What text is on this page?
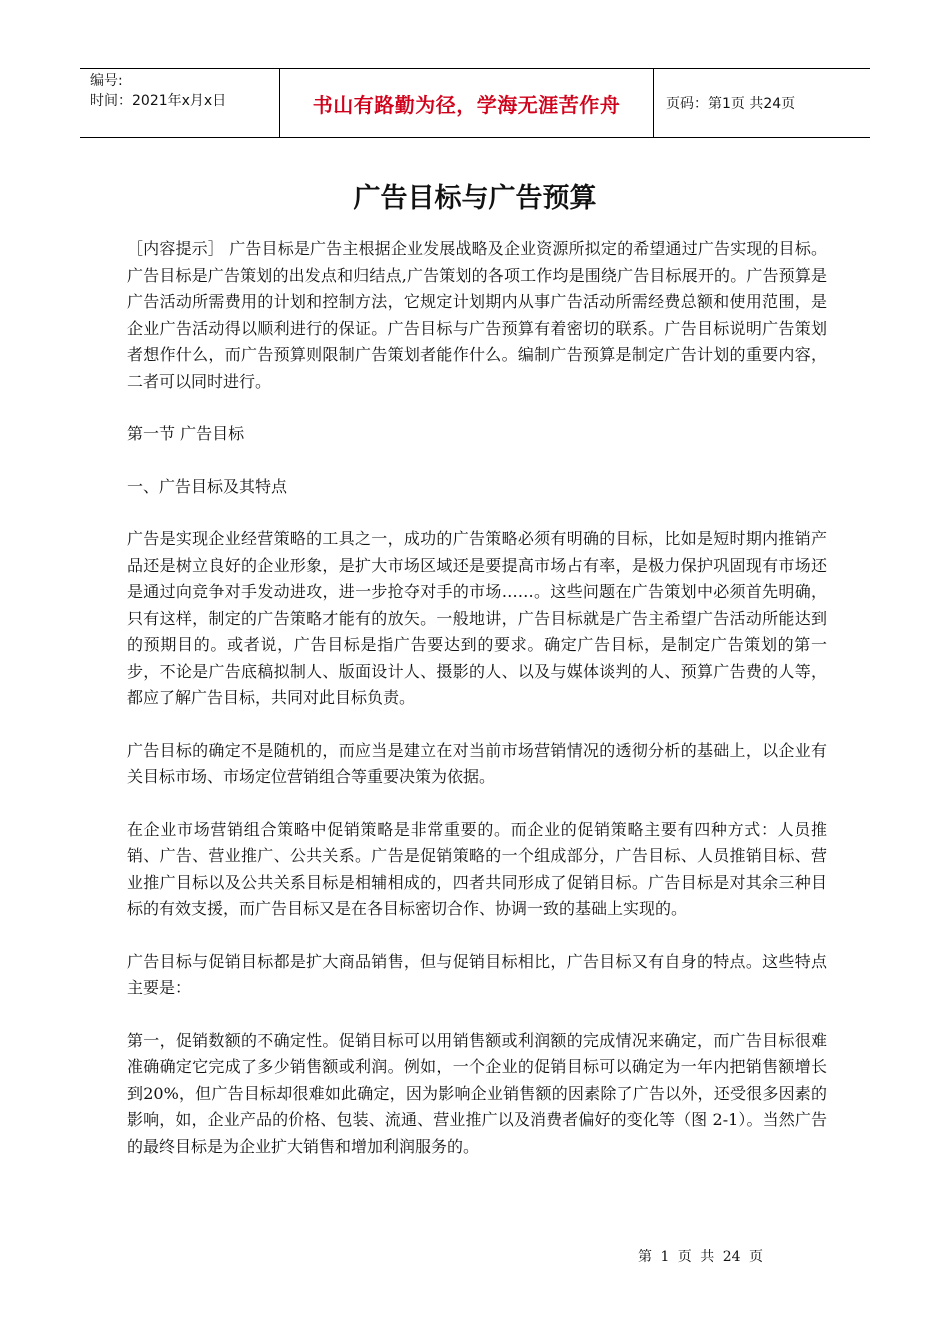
编号:
时间：2021年x月x日	书山有路勤为径，学海无涯苦作舟	页码：第1页 共24页
广告目标与广告预算

［内容提示］ 广告目标是广告主根据企业发展战略及企业资源所拟定的希望通过广告实现的目标。广告目标是广告策划的出发点和归结点,广告策划的各项工作均是围绕广告目标展开的。广告预算是广告活动所需费用的计划和控制方法，它规定计划期内从事广告活动所需经费总额和使用范围，是企业广告活动得以顺利进行的保证。广告目标与广告预算有着密切的联系。广告目标说明广告策划者想作什么，而广告预算则限制广告策划者能作什么。编制广告预算是制定广告计划的重要内容，二者可以同时进行。

第一节 广告目标

一、广告目标及其特点

广告是实现企业经营策略的工具之一，成功的广告策略必须有明确的目标，比如是短时期内推销产品还是树立良好的企业形象，是扩大市场区域还是要提高市场占有率，是极力保护巩固现有市场还是通过向竞争对手发动进攻，进一步抢夺对手的市场……。这些问题在广告策划中必须首先明确，只有这样，制定的广告策略才能有的放矢。一般地讲，广告目标就是广告主希望广告活动所能达到的预期目的。或者说，广告目标是指广告要达到的要求。确定广告目标，是制定广告策划的第一步，不论是广告底稿拟制人、版面设计人、摄影的人、以及与媒体谈判的人、预算广告费的人等，都应了解广告目标，共同对此目标负责。

广告目标的确定不是随机的，而应当是建立在对当前市场营销情况的透彻分析的基础上，以企业有关目标市场、市场定位营销组合等重要决策为依据。

在企业市场营销组合策略中促销策略是非常重要的。而企业的促销策略主要有四种方式：人员推销、广告、营业推广、公共关系。广告是促销策略的一个组成部分，广告目标、人员推销目标、营业推广目标以及公共关系目标是相辅相成的，四者共同形成了促销目标。广告目标是对其余三种目标的有效支援，而广告目标又是在各目标密切合作、协调一致的基础上实现的。

广告目标与促销目标都是扩大商品销售，但与促销目标相比，广告目标又有自身的特点。这些特点主要是：

第一，促销数额的不确定性。促销目标可以用销售额或利润额的完成情况来确定，而广告目标很难准确确定它完成了多少销售额或利润。例如，一个企业的促销目标可以确定为一年内把销售额增长到20%，但广告目标却很难如此确定，因为影响企业销售额的因素除了广告以外，还受很多因素的影响，如，企业产品的价格、包装、流通、营业推广以及消费者偏好的变化等（图 2-1）。当然广告的最终目标是为企业扩大销售和增加利润服务的。

第 1 页 共 24 页
